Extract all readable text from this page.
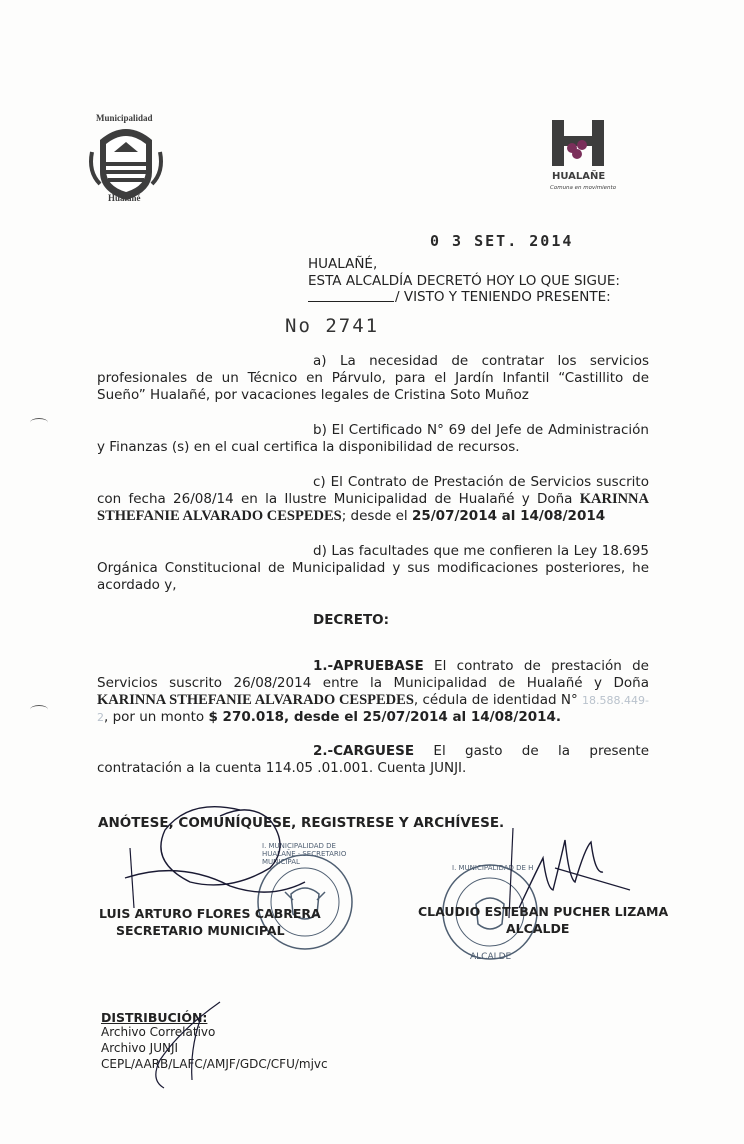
Municipalidad
Hualañé
HUALAÑE
Comuna en movimiento
0 3 SET. 2014
HUALAÑÉ,
ESTA ALCALDÍA DECRETÓ HOY LO QUE SIGUE:
/ VISTO Y TENIENDO PRESENTE:
No 2741
a) La necesidad de contratar los servicios profesionales de un Técnico en Párvulo, para el Jardín Infantil “Castillito de Sueño” Hualañé, por vacaciones legales de Cristina Soto Muñoz
b) El Certificado N° 69 del Jefe de Administración y Finanzas (s) en el cual certifica la disponibilidad de recursos.
c) El Contrato de Prestación de Servicios suscrito con fecha 26/08/14 en la Ilustre Municipalidad de Hualañé y Doña KARINNA STHEFANIE ALVARADO CESPEDES; desde el 25/07/2014 al 14/08/2014
d) Las facultades que me confieren la Ley 18.695 Orgánica Constitucional de Municipalidad y sus modificaciones posteriores, he acordado y,
DECRETO:
1.-APRUEBASE El contrato de prestación de Servicios suscrito 26/08/2014 entre la Municipalidad de Hualañé y Doña KARINNA STHEFANIE ALVARADO CESPEDES, cédula de identidad N° 18.588.449-2, por un monto $ 270.018, desde el 25/07/2014 al 14/08/2014.
2.-CARGUESE El gasto de la presente contratación a la cuenta 114.05 .01.001. Cuenta JUNJI.
ANÓTESE, COMUNÍQUESE, REGISTRESE Y ARCHÍVESE.
I. MUNICIPALIDAD DE HUALAÑE · SECRETARIO MUNICIPAL
I. MUNICIPALIDAD DE H
ALCALDE
LUIS ARTURO FLORES CABRERA
SECRETARIO MUNICIPAL
CLAUDIO ESTEBAN PUCHER LIZAMA
ALCALDE
DISTRIBUCIÓN:
Archivo Correlativo
Archivo JUNJI
CEPL/AARB/LAFC/AMJF/GDC/CFU/mjvc
